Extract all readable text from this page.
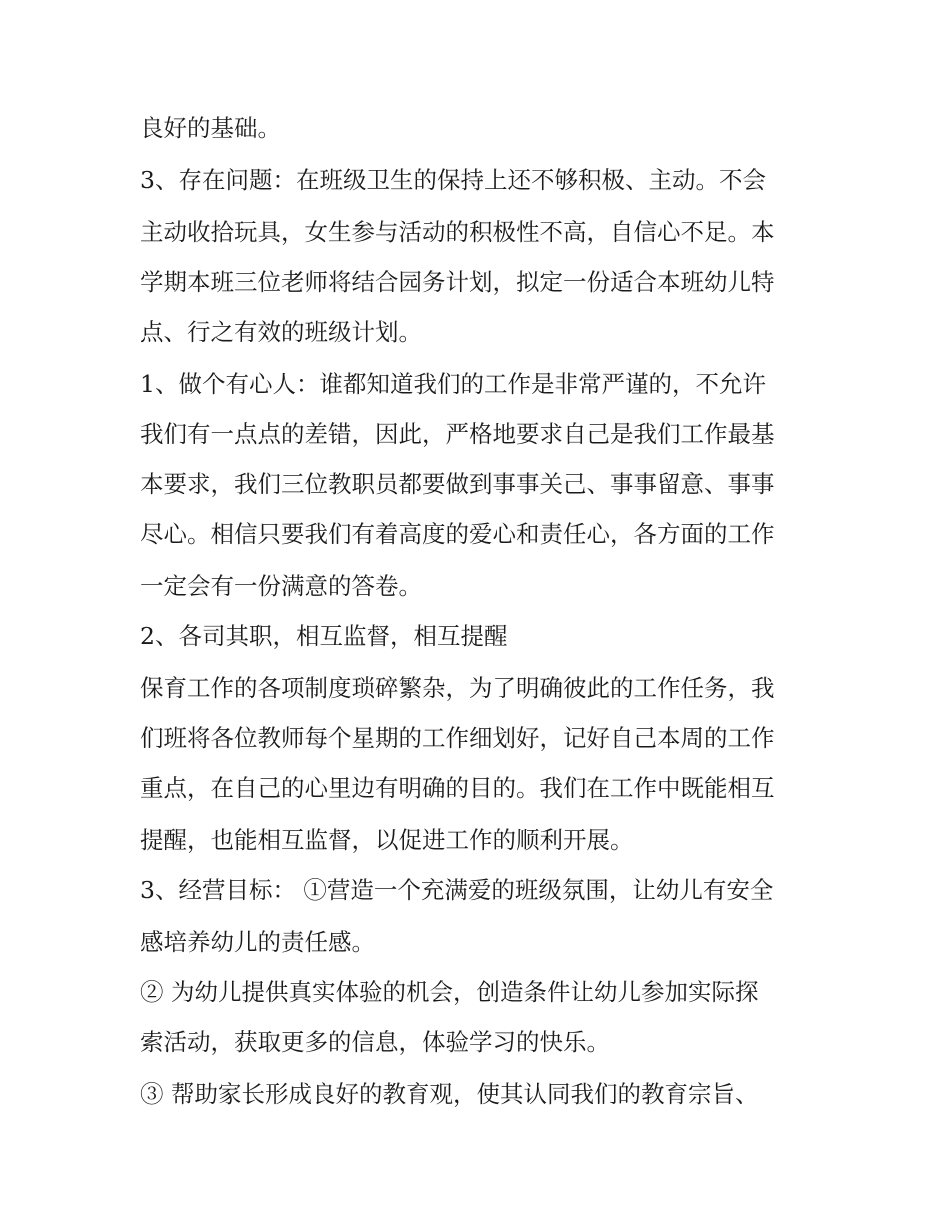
良好的基础。

3、存在问题：在班级卫生的保持上还不够积极、主动。不会

主动收拾玩具，女生参与活动的积极性不高，自信心不足。本

学期本班三位老师将结合园务计划，拟定一份适合本班幼儿特

点、行之有效的班级计划。

1、做个有心人：谁都知道我们的工作是非常严谨的，不允许

我们有一点点的差错，因此，严格地要求自己是我们工作最基

本要求，我们三位教职员都要做到事事关己、事事留意、事事

尽心。相信只要我们有着高度的爱心和责任心，各方面的工作

一定会有一份满意的答卷。

2、各司其职，相互监督，相互提醒

保育工作的各项制度琐碎繁杂，为了明确彼此的工作任务，我

们班将各位教师每个星期的工作细划好，记好自己本周的工作

重点，在自己的心里边有明确的目的。我们在工作中既能相互

提醒，也能相互监督，以促进工作的顺利开展。

3、经营目标： ①营造一个充满爱的班级氛围，让幼儿有安全

感培养幼儿的责任感。

② 为幼儿提供真实体验的机会，创造条件让幼儿参加实际探

索活动，获取更多的信息，体验学习的快乐。

③ 帮助家长形成良好的教育观，使其认同我们的教育宗旨、
